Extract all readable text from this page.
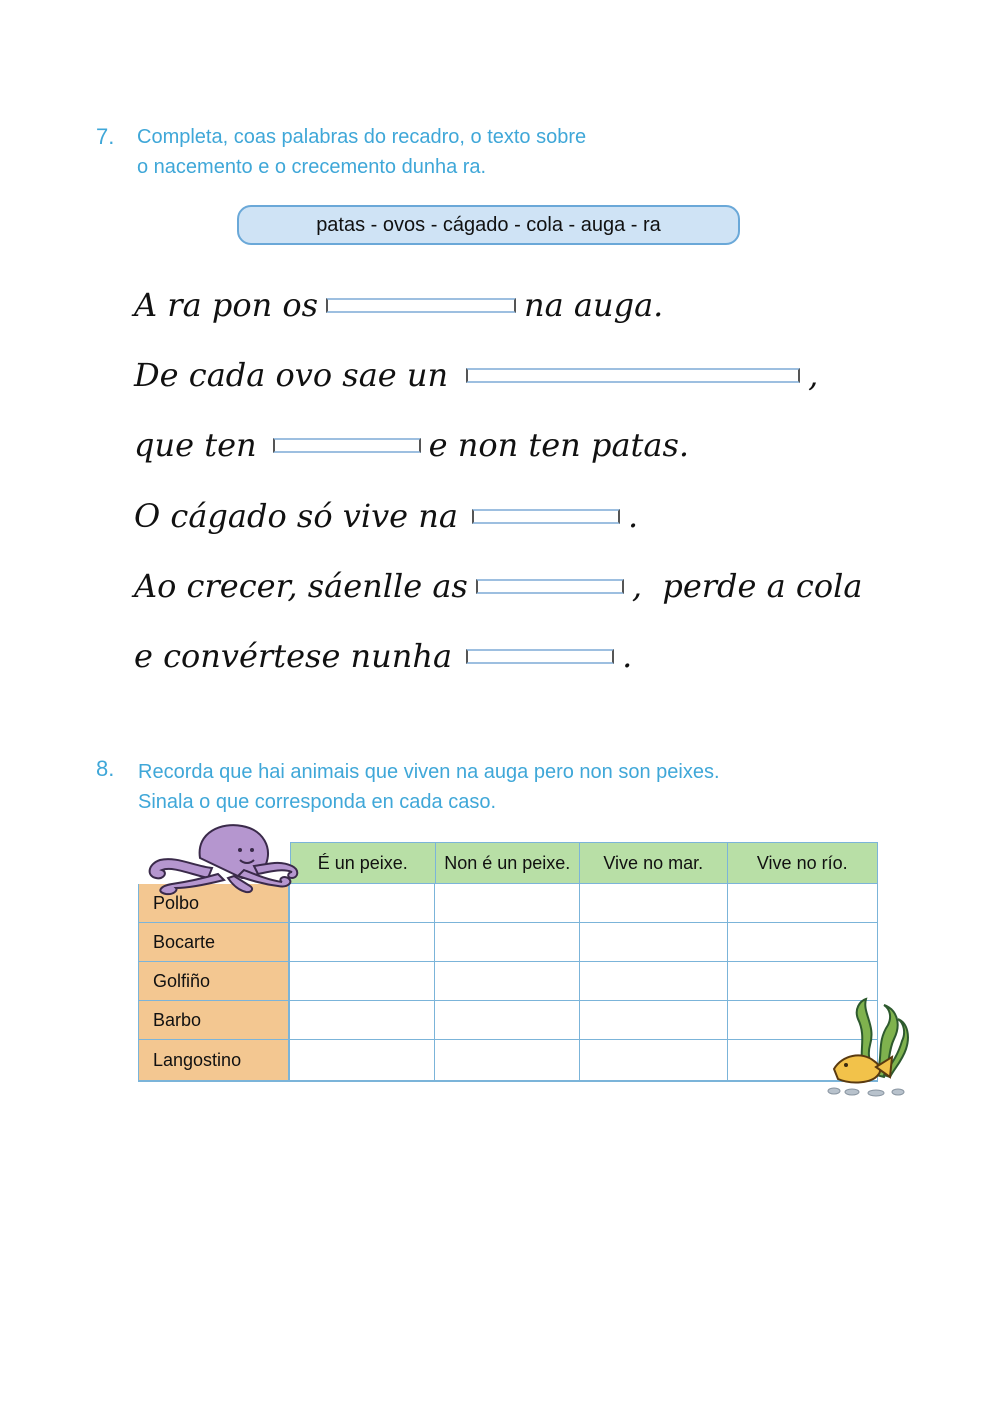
7. Completa, coas palabras do recadro, o texto sobre
o nacemento e o crecemento dunha ra.
patas - ovos - cágado - cola - auga - ra
A ra pon os	na auga.
De cada ovo sae un	,
que ten	e non ten patas.
O cágado só vive na	.
Ao crecer, sáenlle as	,  perde a cola
e convértese nunha	.
8. Recorda que hai animais que viven na auga pero non son peixes.
Sinala o que corresponda en cada caso.
É un peixe.	Non é un peixe.	Vive no mar.	Vive no río.
Polbo
Bocarte
Golfiño
Barbo
Langostino
